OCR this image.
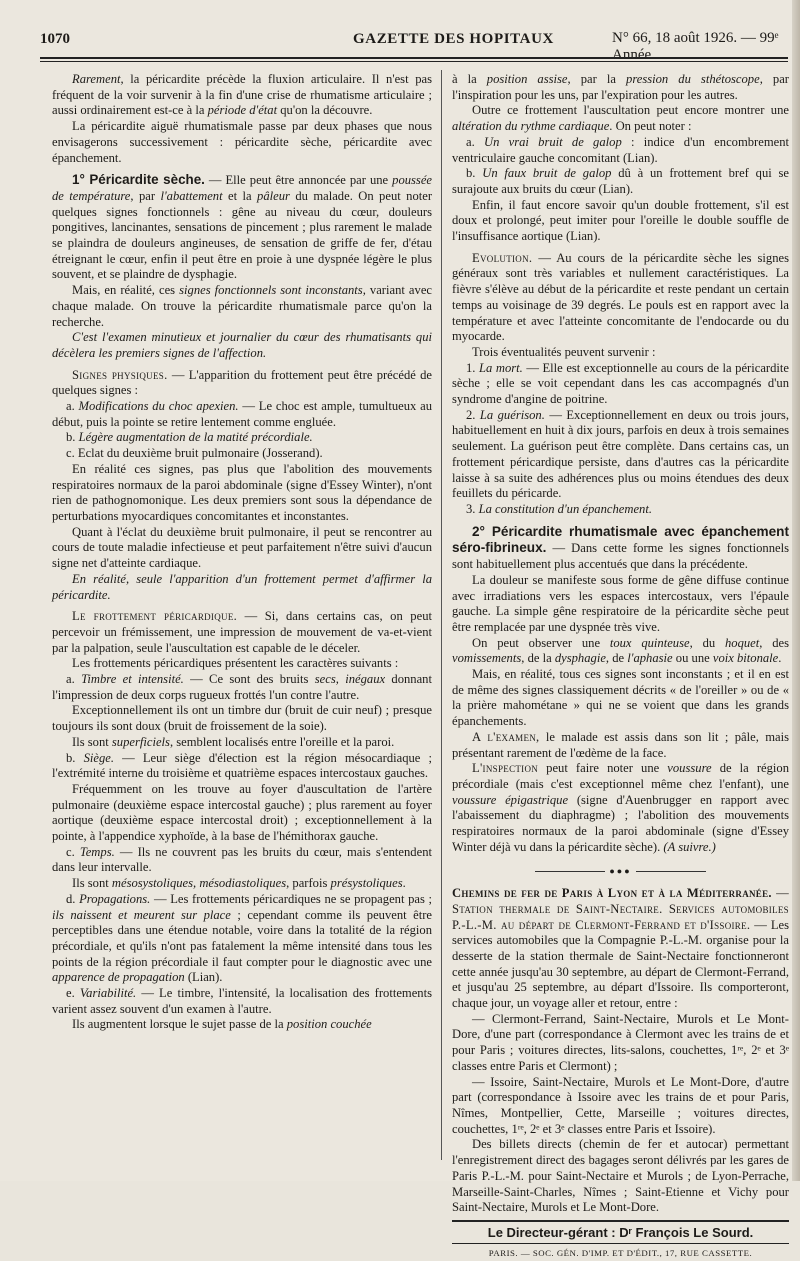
1070	GAZETTE DES HOPITAUX	N° 66, 18 août 1926. — 99ᵉ Année.

Rarement, la péricardite précède la fluxion articulaire. Il n'est pas fréquent de la voir survenir à la fin d'une crise de rhumatisme articulaire ; aussi ordinairement est-ce à la période d'état qu'on la découvre.

La péricardite aiguë rhumatismale passe par deux phases que nous envisagerons successivement : péricardite sèche, péricardite avec épanchement.

1° Péricardite sèche. — Elle peut être annoncée par une poussée de température, par l'abattement et la pâleur du malade. On peut noter quelques signes fonctionnels : gêne au niveau du cœur, douleurs pongitives, lancinantes, sensations de pincement ; plus rarement le malade se plaindra de douleurs angineuses, de sensation de griffe de fer, d'étau étreignant le cœur, enfin il peut être en proie à une dyspnée légère le plus souvent, et se plaindre de dysphagie.

Mais, en réalité, ces signes fonctionnels sont inconstants, variant avec chaque malade. On trouve la péricardite rhumatismale parce qu'on la recherche.

C'est l'examen minutieux et journalier du cœur des rhumatisants qui décèlera les premiers signes de l'affection.

Signes physiques. — L'apparition du frottement peut être précédé de quelques signes :

a. Modifications du choc apexien. — Le choc est ample, tumultueux au début, puis la pointe se retire lentement comme engluée.

b. Légère augmentation de la matité précordiale.

c. Eclat du deuxième bruit pulmonaire (Josserand).

En réalité ces signes, pas plus que l'abolition des mouvements respiratoires normaux de la paroi abdominale (signe d'Essey Winter), n'ont rien de pathognomonique. Les deux premiers sont sous la dépendance de perturbations myocardiques concomitantes et inconstantes.

Quant à l'éclat du deuxième bruit pulmonaire, il peut se rencontrer au cours de toute maladie infectieuse et peut parfaitement n'être suivi d'aucun signe net d'atteinte cardiaque.

En réalité, seule l'apparition d'un frottement permet d'affirmer la péricardite.

Le frottement péricardique. — Si, dans certains cas, on peut percevoir un frémissement, une impression de mouvement de va-et-vient par la palpation, seule l'auscultation est capable de le déceler.

Les frottements péricardiques présentent les caractères suivants :

a. Timbre et intensité. — Ce sont des bruits secs, inégaux donnant l'impression de deux corps rugueux frottés l'un contre l'autre.

Exceptionnellement ils ont un timbre dur (bruit de cuir neuf) ; presque toujours ils sont doux (bruit de froissement de la soie).

Ils sont superficiels, semblent localisés entre l'oreille et la paroi.

b. Siège. — Leur siège d'élection est la région mésocardiaque ; l'extrémité interne du troisième et quatrième espaces intercostaux gauches.

Fréquemment on les trouve au foyer d'auscultation de l'artère pulmonaire (deuxième espace intercostal gauche) ; plus rarement au foyer aortique (deuxième espace intercostal droit) ; exceptionnellement à la pointe, à l'appendice xyphoïde, à la base de l'hémithorax gauche.

c. Temps. — Ils ne couvrent pas les bruits du cœur, mais s'entendent dans leur intervalle.

Ils sont mésosystoliques, mésodiastoliques, parfois présystoliques.

d. Propagations. — Les frottements péricardiques ne se propagent pas ; ils naissent et meurent sur place ; cependant comme ils peuvent être perceptibles dans une étendue notable, voire dans la totalité de la région précordiale, et qu'ils n'ont pas fatalement la même intensité dans tous les points de la région précordiale il faut compter pour le diagnostic avec une apparence de propagation (Lian).

e. Variabilité. — Le timbre, l'intensité, la localisation des frottements varient assez souvent d'un examen à l'autre.

Ils augmentent lorsque le sujet passe de la position couchée

à la position assise, par la pression du sthétoscope, par l'inspiration pour les uns, par l'expiration pour les autres.

Outre ce frottement l'auscultation peut encore montrer une altération du rythme cardiaque. On peut noter :

a. Un vrai bruit de galop : indice d'un encombrement ventriculaire gauche concomitant (Lian).

b. Un faux bruit de galop dû à un frottement bref qui se surajoute aux bruits du cœur (Lian).

Enfin, il faut encore savoir qu'un double frottement, s'il est doux et prolongé, peut imiter pour l'oreille le double souffle de l'insuffisance aortique (Lian).

Evolution. — Au cours de la péricardite sèche les signes généraux sont très variables et nullement caractéristiques. La fièvre s'élève au début de la péricardite et reste pendant un certain temps au voisinage de 39 degrés. Le pouls est en rapport avec la température et avec l'atteinte concomitante de l'endocarde ou du myocarde.

Trois éventualités peuvent survenir :

1. La mort. — Elle est exceptionnelle au cours de la péricardite sèche ; elle se voit cependant dans les cas accompagnés d'un syndrome d'angine de poitrine.

2. La guérison. — Exceptionnellement en deux ou trois jours, habituellement en huit à dix jours, parfois en deux à trois semaines seulement. La guérison peut être complète. Dans certains cas, un frottement péricardique persiste, dans d'autres cas la péricardite laisse à sa suite des adhérences plus ou moins étendues des deux feuillets du péricarde.

3. La constitution d'un épanchement.

2° Péricardite rhumatismale avec épanchement séro-fibrineux. — Dans cette forme les signes fonctionnels sont habituellement plus accentués que dans la précédente.

La douleur se manifeste sous forme de gêne diffuse continue avec irradiations vers les espaces intercostaux, vers l'épaule gauche. La simple gêne respiratoire de la péricardite sèche peut être remplacée par une dyspnée très vive.

On peut observer une toux quinteuse, du hoquet, des vomissements, de la dysphagie, de l'aphasie ou une voix bitonale.

Mais, en réalité, tous ces signes sont inconstants ; et il en est de même des signes classiquement décrits « de l'oreiller » ou de « la prière mahométane » qui ne se voient que dans les grands épanchements.

A l'examen, le malade est assis dans son lit ; pâle, mais présentant rarement de l'œdème de la face.

L'inspection peut faire noter une voussure de la région précordiale (mais c'est exceptionnel même chez l'enfant), une voussure épigastrique (signe d'Auenbrugger en rapport avec l'abaissement du diaphragme) ; l'abolition des mouvements respiratoires normaux de la paroi abdominale (signe d'Essey Winter déjà vu dans la péricardite sèche). (A suivre.)

●●●

Chemins de fer de Paris à Lyon et à la Méditerranée. — Station thermale de Saint-Nectaire. Services automobiles P.-L.-M. au départ de Clermont-Ferrand et d'Issoire. — Les services automobiles que la Compagnie P.-L.-M. organise pour la desserte de la station thermale de Saint-Nectaire fonctionneront cette année jusqu'au 30 septembre, au départ de Clermont-Ferrand, et jusqu'au 25 septembre, au départ d'Issoire. Ils comporteront, chaque jour, un voyage aller et retour, entre :

— Clermont-Ferrand, Saint-Nectaire, Murols et Le Mont-Dore, d'une part (correspondance à Clermont avec les trains de et pour Paris ; voitures directes, lits-salons, couchettes, 1ʳᵉ, 2ᵉ et 3ᵉ classes entre Paris et Clermont) ;

— Issoire, Saint-Nectaire, Murols et Le Mont-Dore, d'autre part (correspondance à Issoire avec les trains de et pour Paris, Nîmes, Montpellier, Cette, Marseille ; voitures directes, couchettes, 1ʳᵉ, 2ᵉ et 3ᵉ classes entre Paris et Issoire).

Des billets directs (chemin de fer et autocar) permettant l'enregistrement direct des bagages seront délivrés par les gares de Paris P.-L.-M. pour Saint-Nectaire et Murols ; de Lyon-Perrache, Marseille-Saint-Charles, Nîmes ; Saint-Etienne et Vichy pour Saint-Nectaire, Murols et Le Mont-Dore.

Le Directeur-gérant : Dʳ François Le Sourd.
PARIS. — SOC. GÉN. D'IMP. ET D'ÉDIT., 17, RUE CASSETTE.
